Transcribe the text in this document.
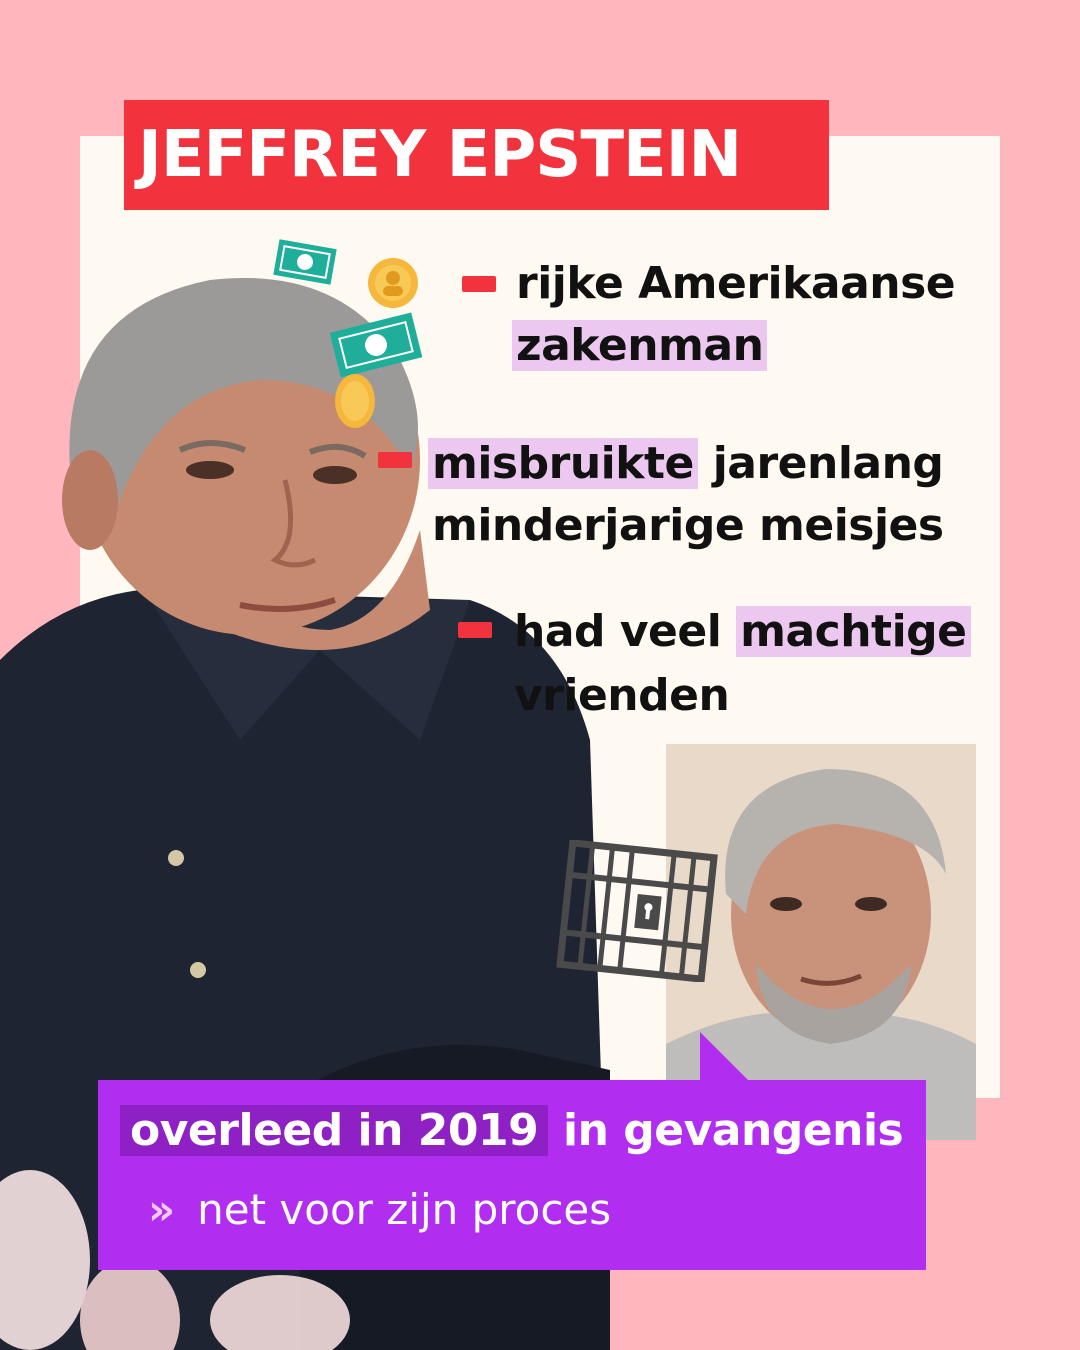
JEFFREY EPSTEIN
rijke Amerikaanse
zakenman
misbruikte jarenlang
minderjarige meisjes
had veel machtige
vrienden
overleed in 2019 in gevangenis
» net voor zijn proces
